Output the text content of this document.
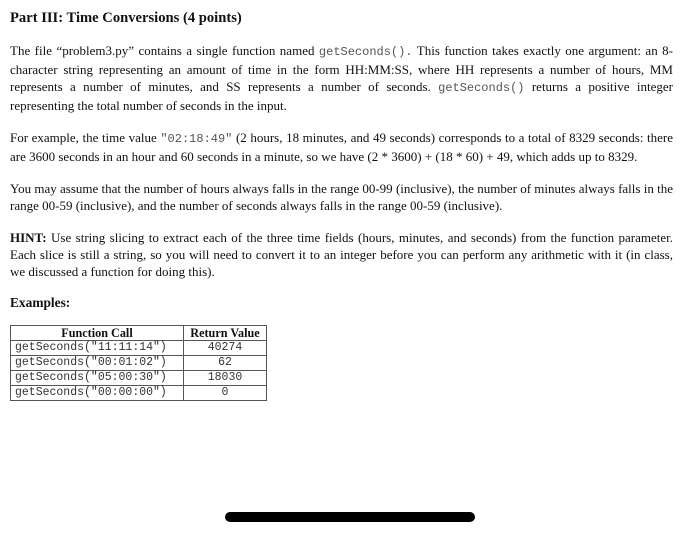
Part III: Time Conversions (4 points)

The file “problem3.py” contains a single function named getSeconds(). This function takes exactly one argument: an 8-character string representing an amount of time in the form HH:MM:SS, where HH represents a number of hours, MM represents a number of minutes, and SS represents a number of seconds. getSeconds() returns a positive integer representing the total number of seconds in the input.

For example, the time value "02:18:49" (2 hours, 18 minutes, and 49 seconds) corresponds to a total of 8329 seconds: there are 3600 seconds in an hour and 60 seconds in a minute, so we have (2 * 3600) + (18 * 60) + 49, which adds up to 8329.

You may assume that the number of hours always falls in the range 00-99 (inclusive), the number of minutes always falls in the range 00-59 (inclusive), and the number of seconds always falls in the range 00-59 (inclusive).

HINT: Use string slicing to extract each of the three time fields (hours, minutes, and seconds) from the function parameter. Each slice is still a string, so you will need to convert it to an integer before you can perform any arithmetic with it (in class, we discussed a function for doing this).

Examples:

Function Call	Return Value
getSeconds("11:11:14")	40274
getSeconds("00:01:02")	62
getSeconds("05:00:30")	18030
getSeconds("00:00:00")	0
